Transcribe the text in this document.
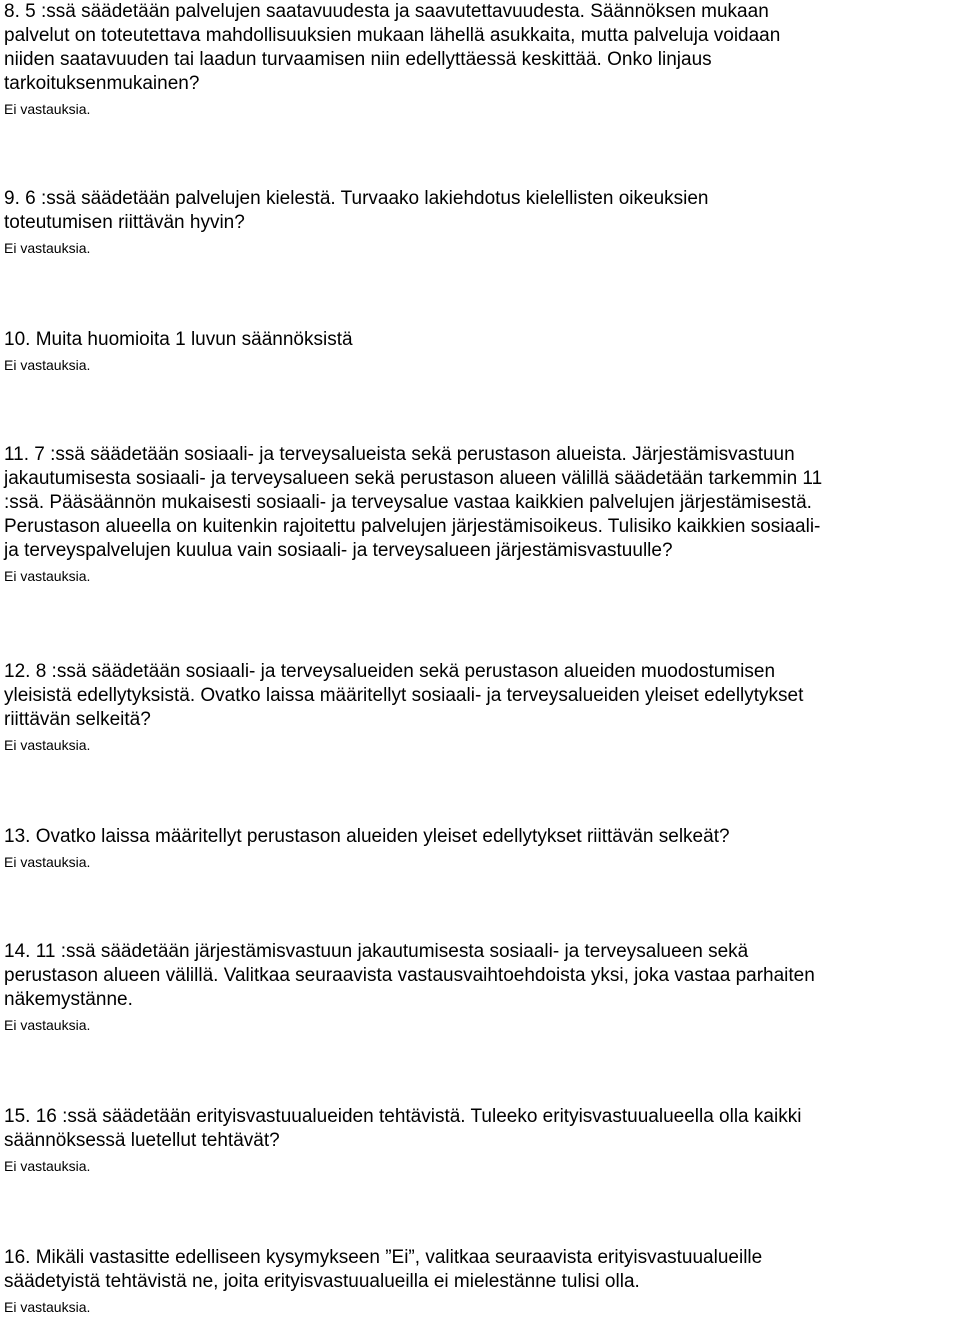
8. 5 :ssä säädetään palvelujen saatavuudesta ja saavutettavuudesta. Säännöksen mukaan
palvelut on toteutettava mahdollisuuksien mukaan lähellä asukkaita, mutta palveluja voidaan
niiden saatavuuden tai laadun turvaamisen niin edellyttäessä keskittää. Onko linjaus
tarkoituksenmukainen?

Ei vastauksia.

9. 6 :ssä säädetään palvelujen kielestä. Turvaako lakiehdotus kielellisten oikeuksien
toteutumisen riittävän hyvin?

Ei vastauksia.

10. Muita huomioita 1 luvun säännöksistä

Ei vastauksia.

11. 7 :ssä säädetään sosiaali- ja terveysalueista sekä perustason alueista. Järjestämisvastuun
jakautumisesta sosiaali- ja terveysalueen sekä perustason alueen välillä säädetään tarkemmin 11
:ssä. Pääsäännön mukaisesti sosiaali- ja terveysalue vastaa kaikkien palvelujen järjestämisestä.
Perustason alueella on kuitenkin rajoitettu palvelujen järjestämisoikeus. Tulisiko kaikkien sosiaali-
ja terveyspalvelujen kuulua vain sosiaali- ja terveysalueen järjestämisvastuulle?

Ei vastauksia.

12. 8 :ssä säädetään sosiaali- ja terveysalueiden sekä perustason alueiden muodostumisen
yleisistä edellytyksistä. Ovatko laissa määritellyt sosiaali- ja terveysalueiden yleiset edellytykset
riittävän selkeitä?

Ei vastauksia.

13. Ovatko laissa määritellyt perustason alueiden yleiset edellytykset riittävän selkeät?

Ei vastauksia.

14. 11 :ssä säädetään järjestämisvastuun jakautumisesta sosiaali- ja terveysalueen sekä
perustason alueen välillä. Valitkaa seuraavista vastausvaihtoehdoista yksi, joka vastaa parhaiten
näkemystänne.

Ei vastauksia.

15. 16 :ssä säädetään erityisvastuualueiden tehtävistä. Tuleeko erityisvastuualueella olla kaikki
säännöksessä luetellut tehtävät?

Ei vastauksia.

16. Mikäli vastasitte edelliseen kysymykseen ”Ei”, valitkaa seuraavista erityisvastuualueille
säädetyistä tehtävistä ne, joita erityisvastuualueilla ei mielestänne tulisi olla.

Ei vastauksia.
